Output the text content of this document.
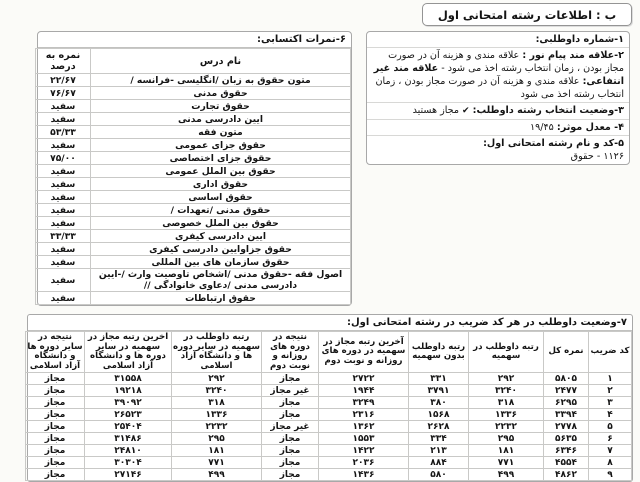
ب : اطلاعات رشته امتحانی اول
۱-شماره داوطلبی:
۲-علاقه مند پیام نور : علاقه مندی و هزینه آن در صورت مجاز بودن ، زمان انتخاب رشته اخذ می شود - علاقه مند غیر انتفاعی: علاقه مندی و هزینه آن در صورت مجاز بودن ، زمان انتخاب رشته اخذ می شود
۳-وضعیت انتخاب رشته داوطلب: ✔ مجاز هستید
۴- معدل موثر: ۱۹/۴۵
۵-کد و نام رشته امتحانی اول:
۱۱۲۶ - حقوق
۶-نمرات اکتسابی:
نام درس	نمره به درصد
متون حقوق به زبان /انگلیسی -فرانسه /	۲۲/۶۷
حقوق مدنی	۷۶/۶۷
حقوق تجارت	سفید
ایین دادرسی مدنی	سفید
متون فقه	۵۳/۳۳
حقوق جزای عمومی	سفید
حقوق جزای اختصاصی	۷۵/۰۰
حقوق بین الملل عمومی	سفید
حقوق اداری	سفید
حقوق اساسی	سفید
حقوق مدنی /تعهدات /	سفید
حقوق بین الملل خصوصی	سفید
ایین دادرسی کیفری	۳۳/۳۳
حقوق جزاوایین دادرسی کیفری	سفید
حقوق سازمان های بین المللی	سفید
اصول فقه -حقوق مدنی /اشخاص تاوصیت وارث /-ایین دادرسی مدنی /دعاوی خانوادگی //	سفید
حقوق ارتباطات	سفید
۷-وضعیت داوطلب در هر کد ضریب در رشته امتحانی اول:
کد ضریب	نمره کل	رتبه داوطلب در سهمیه	رتبه داوطلب بدون سهمیه	آخرین رتبه مجاز در سهمیه در دوره های روزانه و نوبت دوم	نتیجه در دوره های روزانه و نوبت دوم	رتبه داوطلب در سهمیه در سایر دوره ها و دانشگاه آزاد اسلامی	اخرین رتبه مجاز در سهمیه در سایر دوره ها و دانشگاه آزاد اسلامی	نتیجه در سایر دوره ها و دانشگاه آزاد اسلامی
۱	۵۸۰۵	۲۹۲	۳۳۱	۲۷۲۲	مجاز	۲۹۲	۳۱۵۵۸	مجاز
۲	۲۴۷۷	۳۲۴۰	۳۷۹۱	۱۹۴۴	غیر مجاز	۳۲۴۰	۱۹۲۱۸	مجاز
۳	۶۲۹۵	۳۱۸	۳۸۰	۳۲۴۹	مجاز	۳۱۸	۳۹۰۹۲	مجاز
۴	۳۳۹۴	۱۳۳۶	۱۵۶۸	۲۳۱۶	مجاز	۱۳۳۶	۲۶۵۲۳	مجاز
۵	۲۷۷۸	۲۲۳۲	۲۶۲۸	۱۳۶۲	غیر مجاز	۲۲۳۲	۲۵۴۰۴	مجاز
۶	۵۶۳۵	۲۹۵	۳۳۴	۱۵۵۳	مجاز	۲۹۵	۳۱۴۸۶	مجاز
۷	۶۳۴۶	۱۸۱	۲۱۳	۱۴۲۲	مجاز	۱۸۱	۲۴۸۱۰	مجاز
۸	۴۵۵۴	۷۷۱	۸۸۴	۲۰۳۶	مجاز	۷۷۱	۳۰۳۰۴	مجاز
۹	۴۸۶۲	۴۹۹	۵۸۰	۱۴۳۶	مجاز	۴۹۹	۲۷۱۴۶	مجاز
